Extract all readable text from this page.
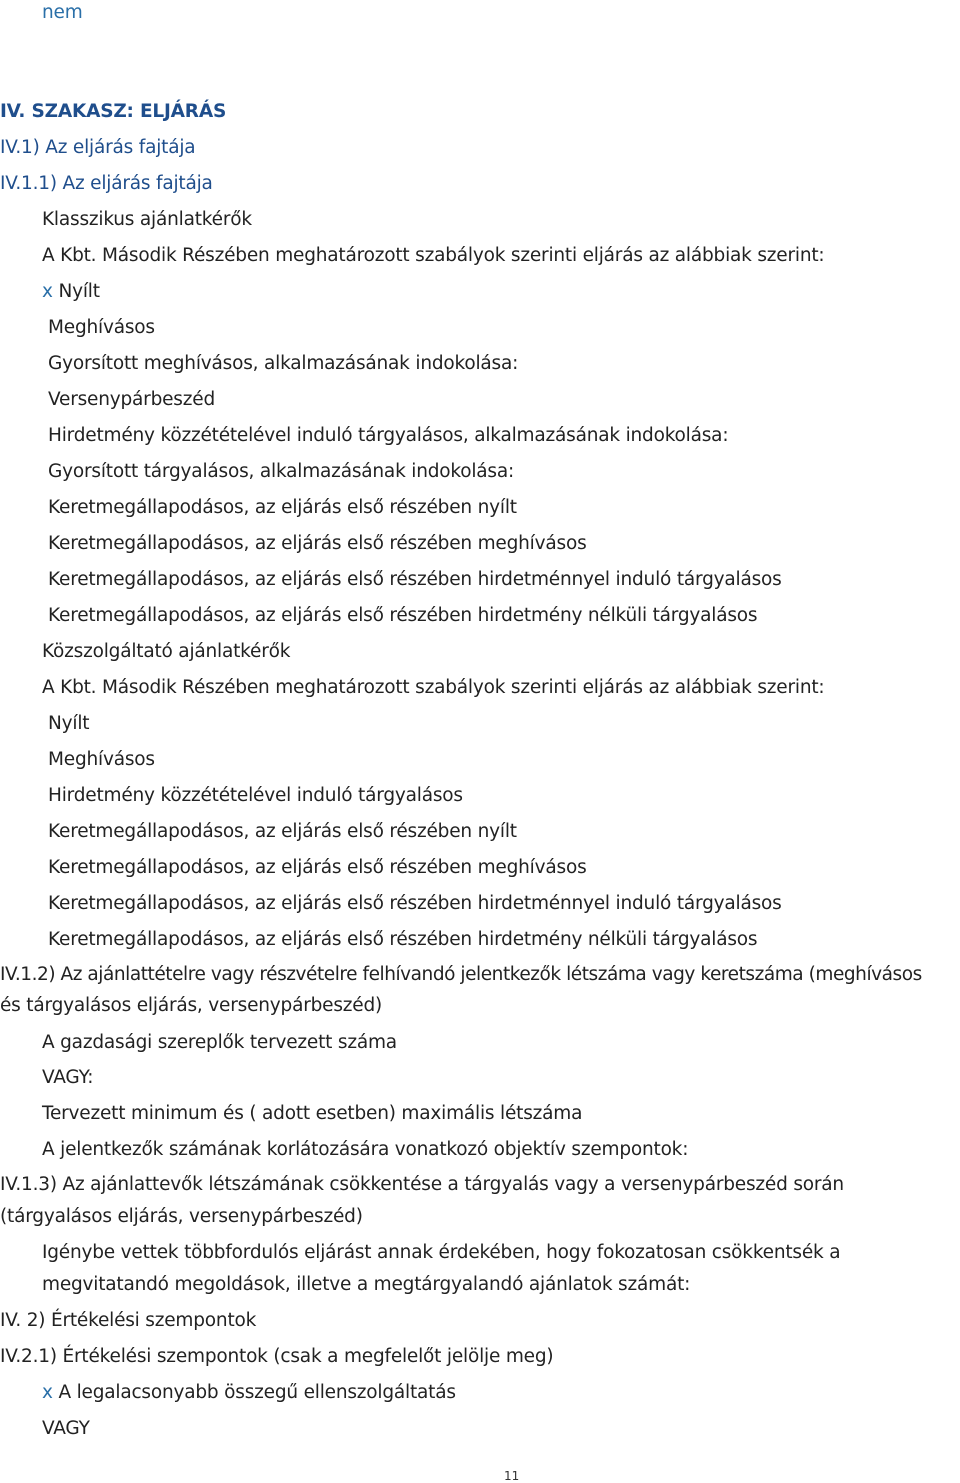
nem
IV. SZAKASZ: ELJÁRÁS
IV.1) Az eljárás fajtája
IV.1.1) Az eljárás fajtája
Klasszikus ajánlatkérők
A Kbt. Második Részében meghatározott szabályok szerinti eljárás az alábbiak szerint:
x Nyílt
Meghívásos
Gyorsított meghívásos, alkalmazásának indokolása:
Versenypárbeszéd
Hirdetmény közzétételével induló tárgyalásos, alkalmazásának indokolása:
Gyorsított tárgyalásos, alkalmazásának indokolása:
Keretmegállapodásos, az eljárás első részében nyílt
Keretmegállapodásos, az eljárás első részében meghívásos
Keretmegállapodásos, az eljárás első részében hirdetménnyel induló tárgyalásos
Keretmegállapodásos, az eljárás első részében hirdetmény nélküli tárgyalásos
Közszolgáltató ajánlatkérők
A Kbt. Második Részében meghatározott szabályok szerinti eljárás az alábbiak szerint:
Nyílt
Meghívásos
Hirdetmény közzétételével induló tárgyalásos
Keretmegállapodásos, az eljárás első részében nyílt
Keretmegállapodásos, az eljárás első részében meghívásos
Keretmegállapodásos, az eljárás első részében hirdetménnyel induló tárgyalásos
Keretmegállapodásos, az eljárás első részében hirdetmény nélküli tárgyalásos
IV.1.2) Az ajánlattételre vagy részvételre felhívandó jelentkezők létszáma vagy keretszáma (meghívásos
és tárgyalásos eljárás, versenypárbeszéd)
A gazdasági szereplők tervezett száma
VAGY:
Tervezett minimum és ( adott esetben) maximális létszáma
A jelentkezők számának korlátozására vonatkozó objektív szempontok:
IV.1.3) Az ajánlattevők létszámának csökkentése a tárgyalás vagy a versenypárbeszéd során
(tárgyalásos eljárás, versenypárbeszéd)
Igénybe vettek többfordulós eljárást annak érdekében, hogy fokozatosan csökkentsék a
megvitatandó megoldások, illetve a megtárgyalandó ajánlatok számát:
IV. 2) Értékelési szempontok
IV.2.1) Értékelési szempontok (csak a megfelelőt jelölje meg)
x A legalacsonyabb összegű ellenszolgáltatás
VAGY
11
